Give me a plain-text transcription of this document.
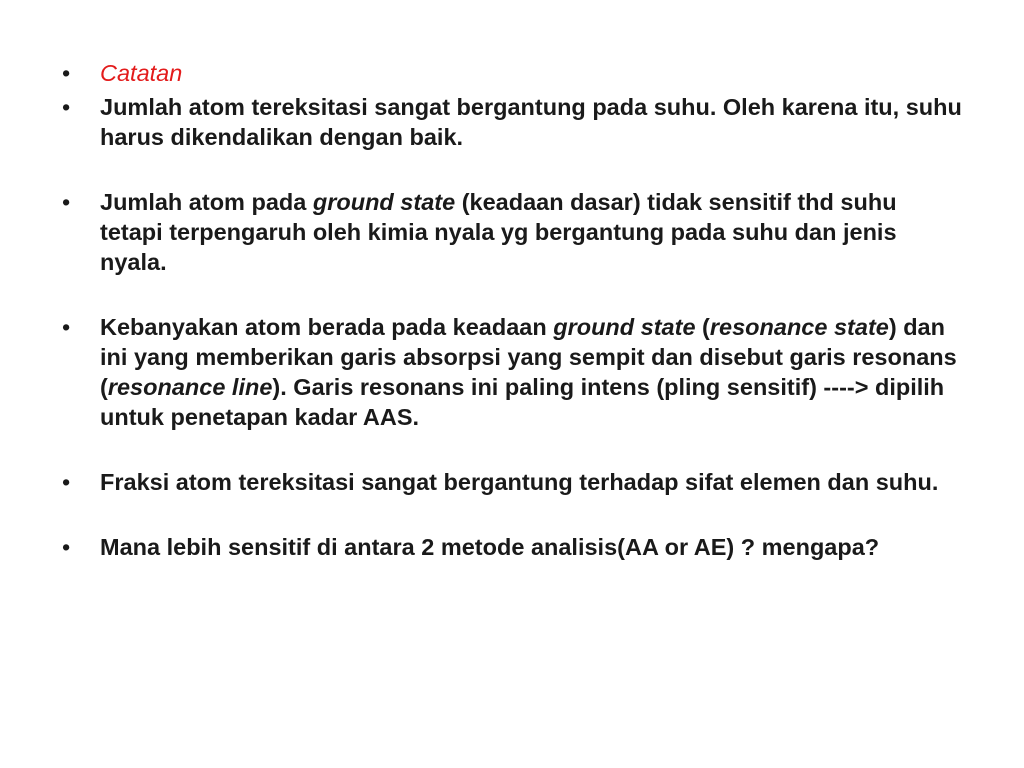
• Catatan
• Jumlah atom tereksitasi sangat bergantung pada suhu. Oleh karena itu, suhu harus dikendalikan dengan baik.
• Jumlah atom pada ground state (keadaan dasar) tidak sensitif thd suhu tetapi terpengaruh oleh kimia nyala yg bergantung pada suhu dan jenis nyala.
• Kebanyakan atom berada pada keadaan ground state (resonance state) dan ini yang memberikan garis absorpsi yang sempit dan disebut garis resonans (resonance line). Garis resonans ini paling intens (pling sensitif) ----> dipilih untuk penetapan kadar AAS.
• Fraksi atom tereksitasi sangat bergantung terhadap sifat elemen dan suhu.
• Mana lebih sensitif di antara 2 metode analisis(AA or AE) ? mengapa?
